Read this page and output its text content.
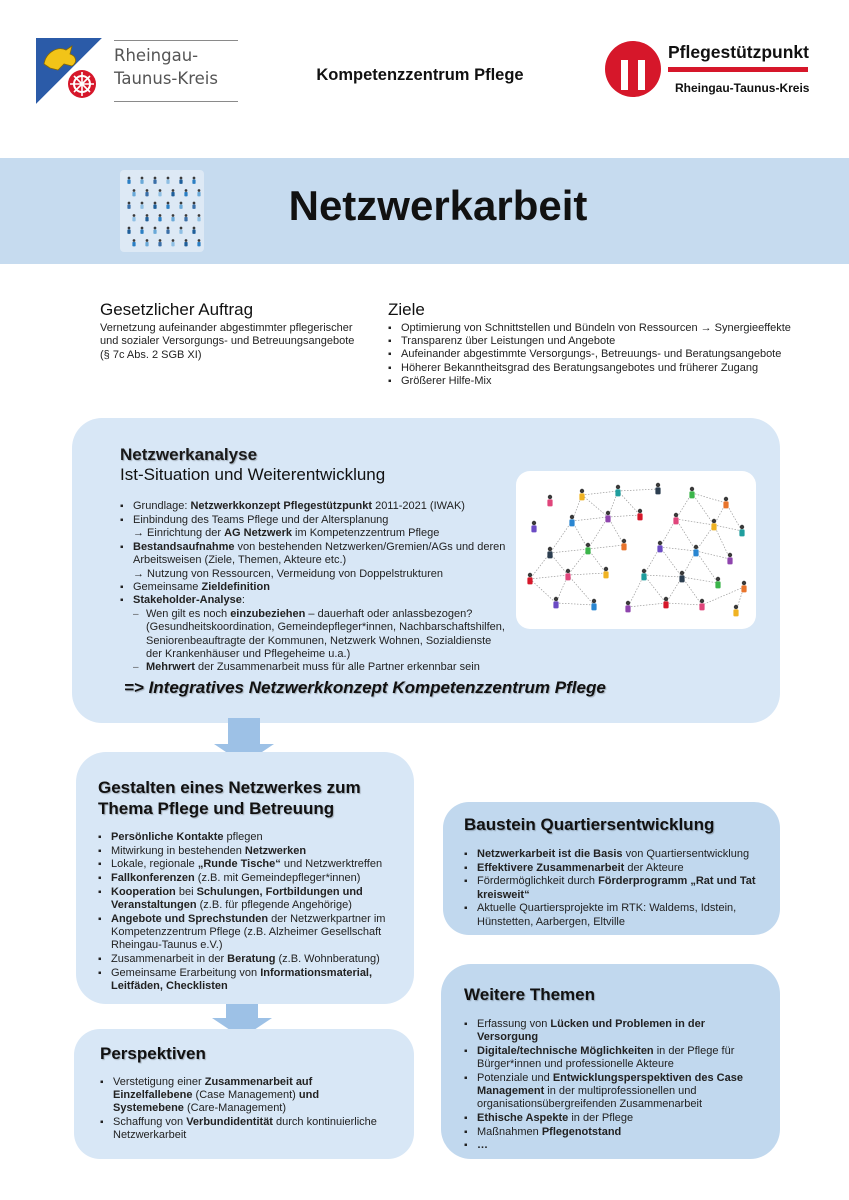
Rheingau-
Taunus-Kreis	Kompetenzzentrum Pflege
Pflegestützpunkt
Rheingau-Taunus-Kreis
Netzwerkarbeit
Gesetzlicher Auftrag
Vernetzung aufeinander abgestimmter pflegerischer und sozialer Versorgungs- und Betreuungsangebote (§ 7c Abs. 2 SGB XI)
Ziele
▪ Optimierung von Schnittstellen und Bündeln von Ressourcen → Synergieeffekte
▪ Transparenz über Leistungen und Angebote
▪ Aufeinander abgestimmte Versorgungs-, Betreuungs- und Beratungsangebote
▪ Höherer Bekanntheitsgrad des Beratungsangebotes und früherer Zugang
▪ Größerer Hilfe-Mix
Netzwerkanalyse
Ist-Situation und Weiterentwicklung
▪ Grundlage: Netzwerkkonzept Pflegestützpunkt 2011-2021 (IWAK)
▪ Einbindung des Teams Pflege und der Altersplanung
→ Einrichtung der AG Netzwerk im Kompetenzzentrum Pflege
▪ Bestandsaufnahme von bestehenden Netzwerken/Gremien/AGs und deren Arbeitsweisen (Ziele, Themen, Akteure etc.)
→ Nutzung von Ressourcen, Vermeidung von Doppelstrukturen
▪ Gemeinsame Zieldefinition
▪ Stakeholder-Analyse:
– Wen gilt es noch einzubeziehen – dauerhaft oder anlassbezogen? (Gesundheitskoordination, Gemeindepfleger*innen, Nachbarschaftshilfen, Seniorenbeauftragte der Kommunen, Netzwerk Wohnen, Sozialdienste der Krankenhäuser und Pflegeheime u.a.)
– Mehrwert der Zusammenarbeit muss für alle Partner erkennbar sein
=> Integratives Netzwerkkonzept Kompetenzzentrum Pflege
Gestalten eines Netzwerkes zum Thema Pflege und Betreuung
▪ Persönliche Kontakte pflegen
▪ Mitwirkung in bestehenden Netzwerken
▪ Lokale, regionale „Runde Tische“ und Netzwerktreffen
▪ Fallkonferenzen (z.B. mit Gemeindepfleger*innen)
▪ Kooperation bei Schulungen, Fortbildungen und Veranstaltungen (z.B. für pflegende Angehörige)
▪ Angebote und Sprechstunden der Netzwerkpartner im Kompetenzzentrum Pflege (z.B. Alzheimer Gesellschaft Rheingau-Taunus e.V.)
▪ Zusammenarbeit in der Beratung (z.B. Wohnberatung)
▪ Gemeinsame Erarbeitung von Informationsmaterial, Leitfäden, Checklisten
Perspektiven
▪ Verstetigung einer Zusammenarbeit auf Einzelfallebene (Case Management) und Systemebene (Care-Management)
▪ Schaffung von Verbundidentität durch kontinuierliche Netzwerkarbeit
Baustein Quartiersentwicklung
▪ Netzwerkarbeit ist die Basis von Quartiersentwicklung
▪ Effektivere Zusammenarbeit der Akteure
▪ Fördermöglichkeit durch Förderprogramm „Rat und Tat kreisweit“
▪ Aktuelle Quartiersprojekte im RTK: Waldems, Idstein, Hünstetten, Aarbergen, Eltville
Weitere Themen
▪ Erfassung von Lücken und Problemen in der Versorgung
▪ Digitale/technische Möglichkeiten in der Pflege für Bürger*innen und professionelle Akteure
▪ Potenziale und Entwicklungsperspektiven des Case Management in der multiprofessionellen und organisationsübergreifenden Zusammenarbeit
▪ Ethische Aspekte in der Pflege
▪ Maßnahmen Pflegenotstand
▪ …
